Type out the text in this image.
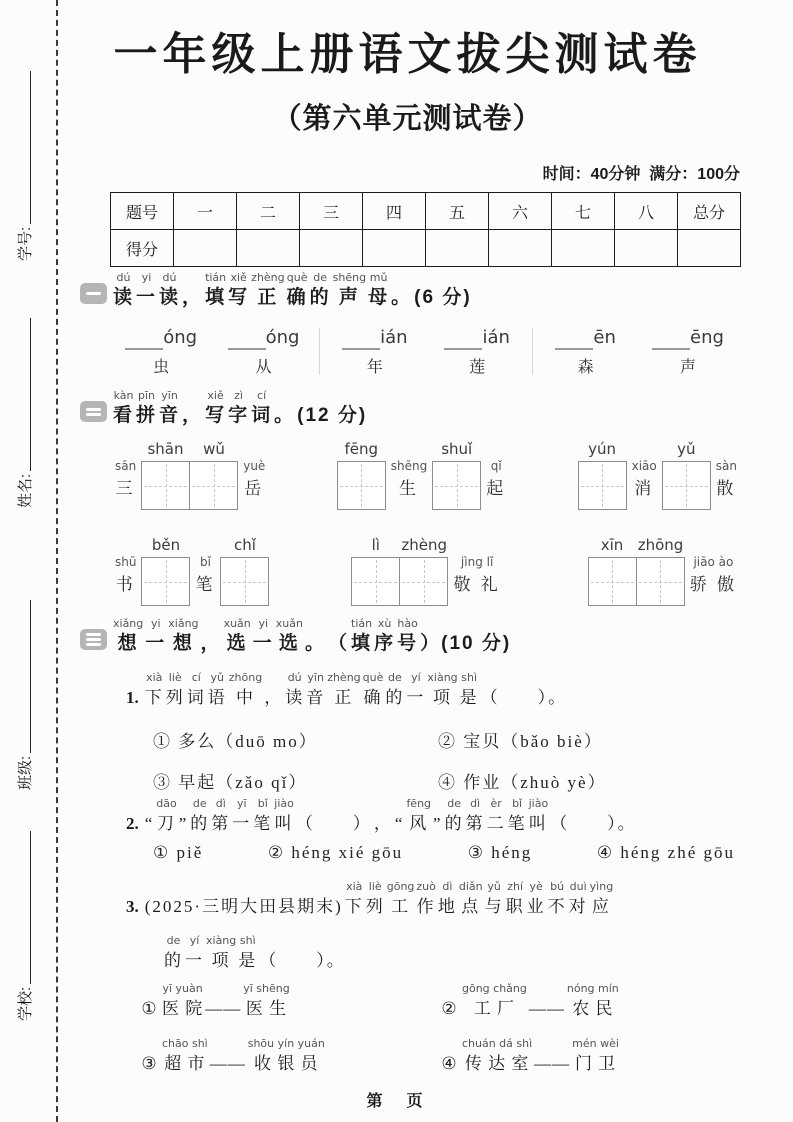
学号:
姓名:
班级:
学校:
一年级上册语文拔尖测试卷
（第六单元测试卷）
时间：40分钟  满分：100分
题号	一	二	三	四	五	六	七	八	总分
得分									
dú
读
yi
一
dú
读 ，
tián
填
xiě
写
zhèng
正
què
确
de
的
shēng
声
mǔ
母 。 (6 分)
óng
虫
óng
从
ián
年
ián
莲
ēn
森
ēng
声
kàn
看
pīn
拼
yīn
音 ，
xiě
写
zì
字
cí
词 。 (12 分)
sān
三
shān	wǔ
yuè
岳
fēng
shēng
生
shuǐ
qǐ
起
yún
xiāo
消
yǔ
sàn
散
shū
书
běn
bǐ
笔
chǐ	lì	zhèng
jìng lǐ
敬 礼
xīn zhōng
jiāo ào
骄 傲
xiǎng
想
yi
一
xiǎng
想 ，
xuǎn
选
yi
一
xuǎn
选 。 （
tián
填
xù
序
hào
号 ）(10 分)
1.
xià
下
liè
列
cí
词
yǔ
语
zhōng
中 ，
dú
读
yīn
音
zhèng
正
què
确
de
的
yí
一
xiàng
项
shì
是 （　　）。
① 多么（duō mo）	② 宝贝（bǎo biè）
③ 早起（zǎo qǐ）	④ 作业（zhuò yè）
2. “
dāo
刀 ”
de
的
dì
第
yī
一
bǐ
笔
jiào
叫 （　　） ， “
fēng
风 ”
de
的
dì
第
èr
二
bǐ
笔
jiào
叫 （　　）。
① piě	② héng xié gōu	③ héng	④ héng zhé gōu
3. (2025·三明大田县期末)
xià
下
liè
列
gōng
工
zuò
作
dì
地
diǎn
点
yǔ
与
zhí
职
yè
业
bú
不
duì
对
yìng
应
de
的
yí
一
xiàng
项
shì
是 （　　）。

①
yī yuàn
医 院 ——
yī shēng
医 生
	②
gōng chǎng
工 厂 ——
nóng mín
农 民

③
chāo shì
超 市 ——
shōu yín yuán
收 银 员
	④
chuán dá shì
传 达 室 ——
mén wèi
门 卫
第　页
